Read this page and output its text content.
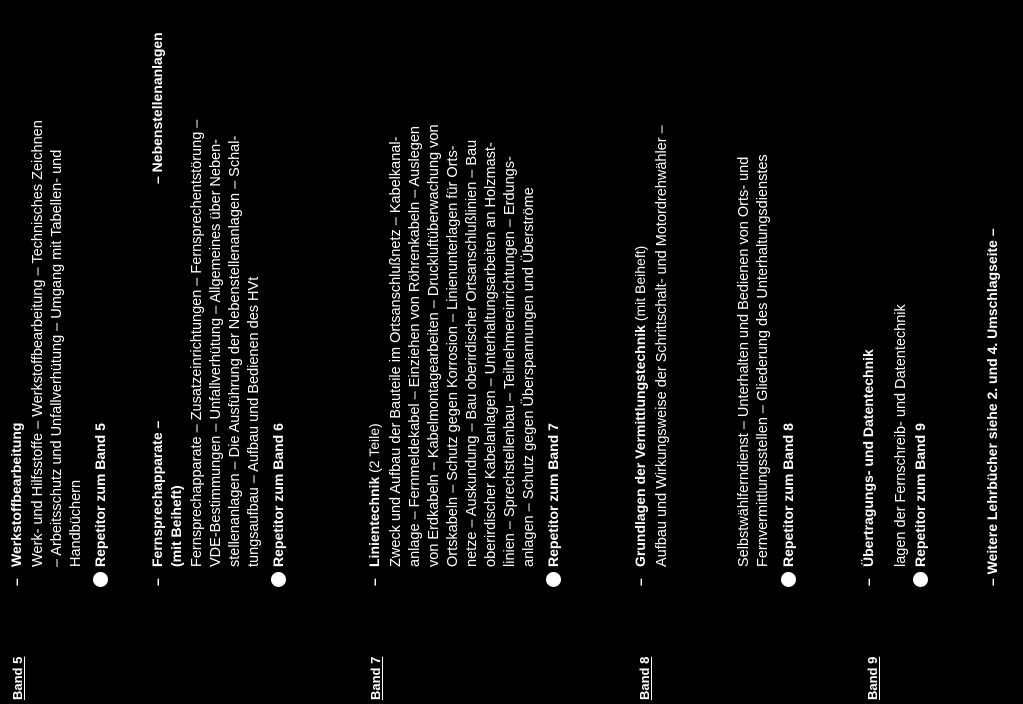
Band 5
–
Werkstoffbearbeitung Werk- und Hilfsstoffe – Werkstoffbearbeitung – Technisches Zeichnen – Arbeitsschutz und Unfallverhütung – Umgang mit Tabellen- und Handbüchern Repetitor zum Band 5
–
Fernsprechapparate –
– Nebenstellenanlagen
(mit Beiheft) Fernsprechapparate – Zusatzeinrichtungen – Fernsprechentstörung – VDE-Bestimmungen – Unfallverhütung – Allgemeines über Neben- stellenanlagen – Die Ausführung der Nebenstellenanlagen – Schal- tungsaufbau – Aufbau und Bedienen des HVt Repetitor zum Band 6
Band 7
–
Linientechnik (2 Teile) Zweck und Aufbau der Bauteile im Ortsanschlußnetz – Kabelkanal- anlage – Fernmeldekabel – Einziehen von Röhrenkabeln – Auslegen von Erdkabeln – Kabelmontagearbeiten – Druckluftüberwachung von Ortskabeln – Schutz gegen Korrosion – Linienunterlagen für Orts- netze – Auskundung – Bau oberirdischer Ortsanschlußlinien – Bau oberirdischer Kabelanlagen – Unterhaltungsarbeiten an Holzmast- linien – Sprechstellenbau – Teilnehmereinrichtungen – Erdungs- anlagen – Schutz gegen Überspannungen und Überströme Repetitor zum Band 7
Band 8
–
Grundlagen der Vermittlungstechnik (mit Beiheft) Aufbau und Wirkungsweise der Schrittschalt- und Motordrehwähler –	Selbstwählferndienst – Unterhalten und Bedienen von Orts- und Fernvermittlungsstellen – Gliederung des Unterhaltungsdienstes Repetitor zum Band 8
Band 9
–
Übertragungs- und Datentechnik lagen der Fernschreib- und Datentechnik Repetitor zum Band 9	– Weitere Lehrbücher siehe 2. und 4. Umschlagseite –
